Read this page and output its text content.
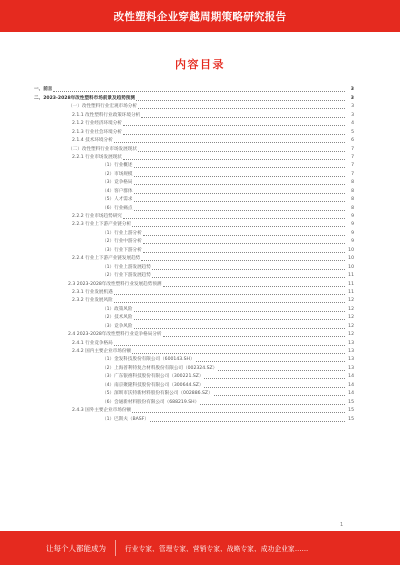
改性塑料企业穿越周期策略研究报告
内容目录
一、前言	3
二、2023-2028年改性塑料市场前景及趋势预测	3
（一）改性塑料行业宏观市场分析	3
2.1.1 改性塑料行业政策环境分析	3
2.1.2 行业经济环境分析	4
2.1.3 行业社会环境分析	5
2.1.4 技术环境分析	6
（二）改性塑料行业市场发展现状	7
2.2.1 行业市场发展现状	7
（1）行业概述	7
（2）市场规模	7
（3）竞争格局	8
（4）客户群体	8
（5）人才需求	8
（6）行业痛点	8
2.2.2 行业市场趋势研究	9
2.2.3 行业上下游产业链分析	9
（1）行业上游分析	9
（2）行业中游分析	9
（3）行业下游分析	10
2.2.4 行业上下游产业链发展趋势	10
（1）行业上游发展趋势	10
（2）行业下游发展趋势	11
2.3 2023-2028年改性塑料行业发展趋势预测	11
2.3.1 行业发展机遇	11
2.3.2 行业发展风险	12
（1）政策风险	12
（2）技术风险	12
（3）竞争风险	12
2.4 2023-2028年改性塑料行业竞争格局分析	12
2.4.1 行业竞争格局	13
2.4.2 国内主要企业市场份额	13
（1）金发科技股份有限公司（600143.SH）	13
（2）上海普利特复合材料股份有限公司（002324.SZ）	13
（3）广东银禧科技股份有限公司（300221.SZ）	14
（4）南京聚隆科技股份有限公司（300644.SZ）	14
（5）深圳市沃特新材料股份有限公司（002886.SZ）	14
（6）会通新材料股份有限公司（688219.SH）	15
2.4.3 国外主要企业市场份额	15
（1）巴斯夫（BASF）	15
1
让每个人都能成为	行业专家、管理专家、营销专家、战略专家、成功企业家……
